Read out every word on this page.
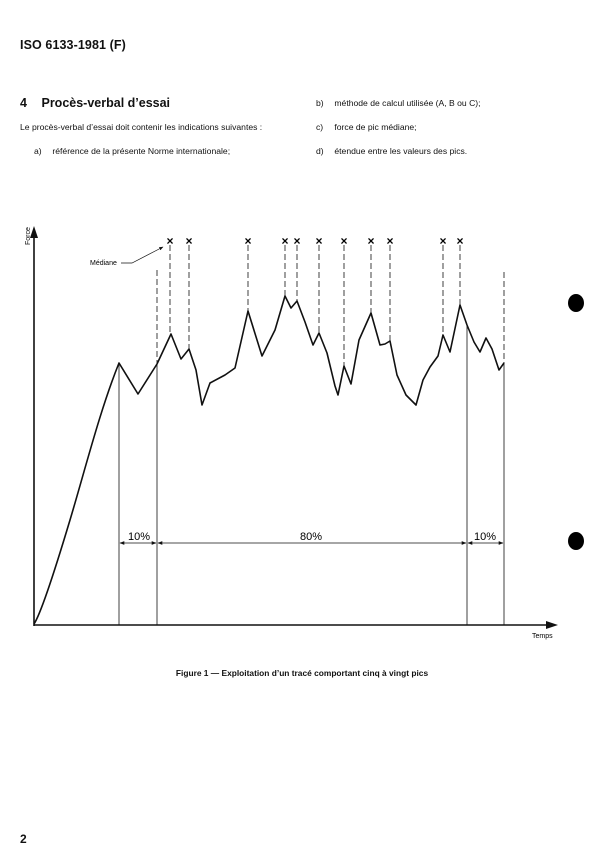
ISO 6133-1981 (F)
4 Procès-verbal d’essai
Le procès-verbal d’essai doit contenir les indications suivantes :
a) référence de la présente Norme internationale;
b) méthode de calcul utilisée (A, B ou C);
c) force de pic médiane;
d) étendue entre les valeurs des pics.
Force
Temps
× ×	× × × × × × ×	× ×
Médiane
10%	80%	10%
Figure 1 — Exploitation d’un tracé comportant cinq à vingt pics
2
